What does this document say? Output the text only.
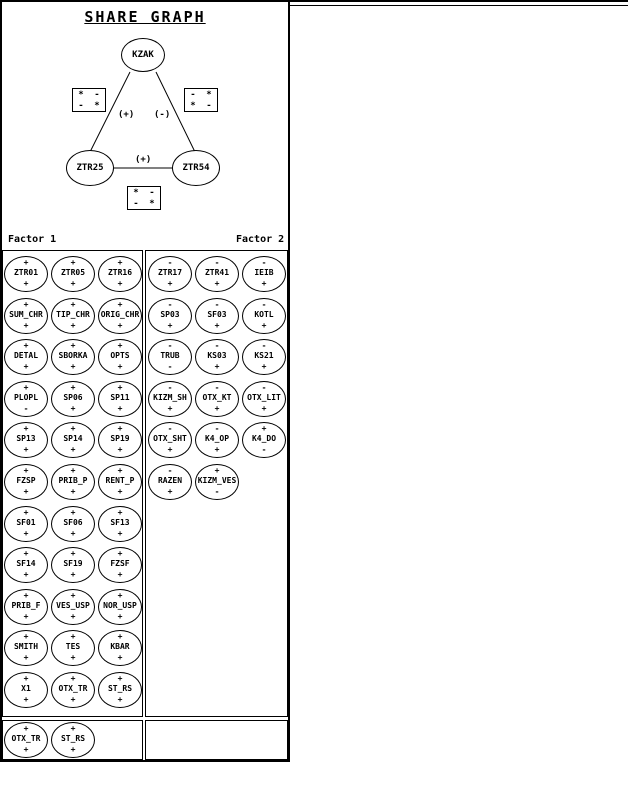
SHARE GRAPH
KZAK
ZTR25	ZTR54
(+) (-)
(+)
* -
- *
- *
* -
* -
- *
Factor 1	Factor 2
+
ZTR01
+
+
ZTR05
+
+
ZTR16
+
+
SUM_CHR
+
+
TIP_CHR
+
+
ORIG_CHR
+
+
DETAL
+
+
SBORKA
+
+
OPTS
+
+
PLOPL
-
+
SP06
+
+
SP11
+
+
SP13
+
+
SP14
+
+
SP19
+
+
FZSP
+
+
PRIB_P
+
+
RENT_P
+
+
SF01
+
+
SF06
+
+
SF13
+
+
SF14
+
+
SF19
+
+
FZSF
+
+
PRIB_F
+
+
VES_USP
+
+
NOR_USP
+
+
SMITH
+
+
TES
+
+
KBAR
+
+
X1
+
+
OTX_TR
+
+
ST_RS
+
-
ZTR17
+
-
ZTR41
+
-
IEIB
+
-
SP03
+
-
SF03
+
-
KOTL
+
-
TRUB
-
-
KS03
+
-
KS21
+
-
KIZM_SH
+
-
OTX_KT
+
-
OTX_LIT
+
-
OTX_SHT
+
-
K4_OP
+
+
K4_DO
-
-
RAZEN
+
+
KIZM_VES
-
+
OTX_TR
+
+
ST_RS
+
